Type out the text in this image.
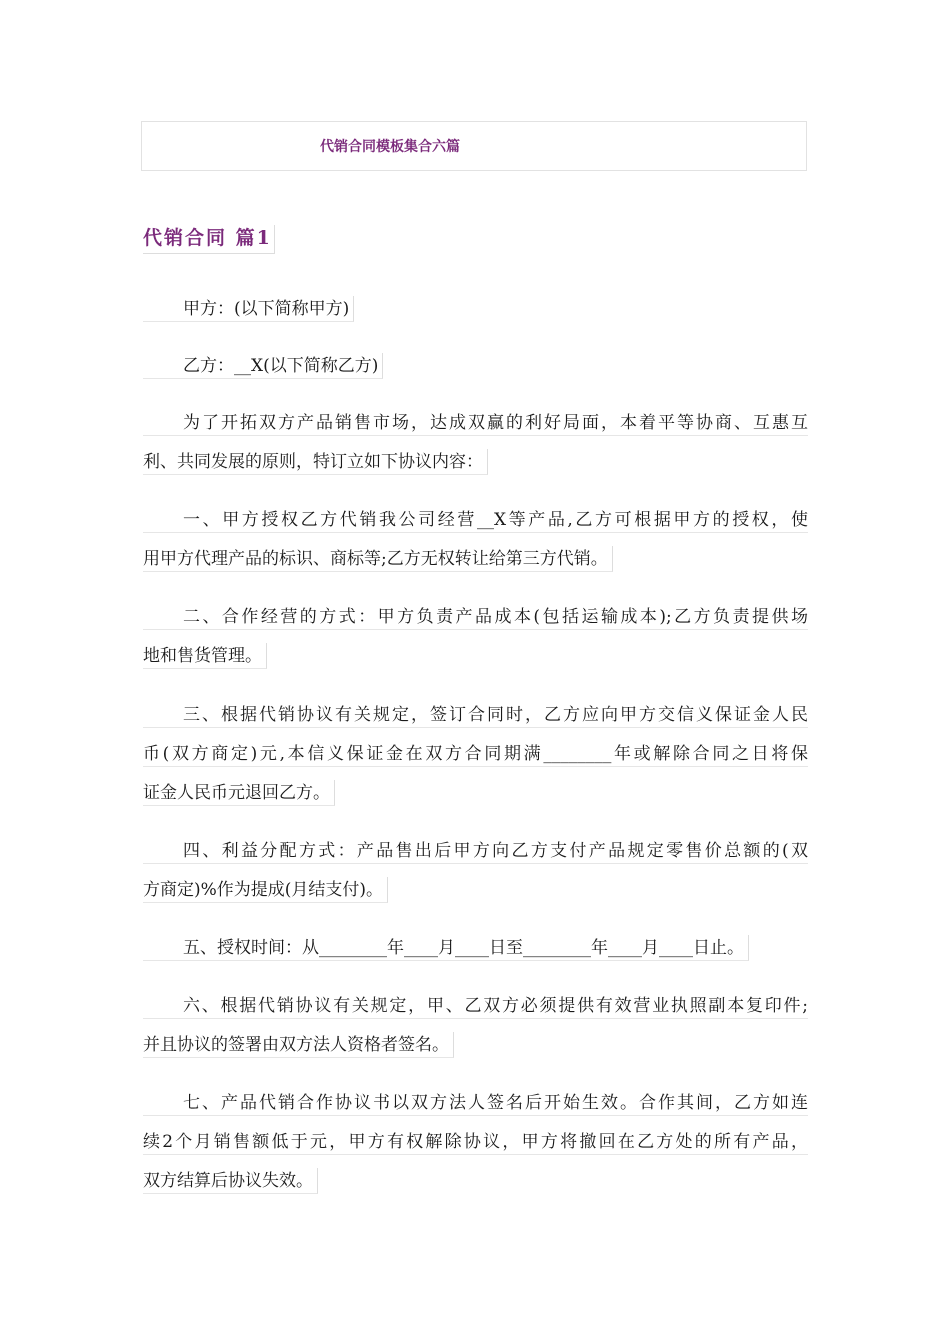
代销合同模板集合六篇
代销合同 篇1
甲方：(以下简称甲方)

乙方：__X(以下简称乙方)

为了开拓双方产品销售市场，达成双赢的利好局面，本着平等协商、互惠互
利、共同发展的原则，特订立如下协议内容：

一、甲方授权乙方代销我公司经营__X等产品,乙方可根据甲方的授权，使
用甲方代理产品的标识、商标等;乙方无权转让给第三方代销。

二、合作经营的方式：甲方负责产品成本(包括运输成本);乙方负责提供场
地和售货管理。

三、根据代销协议有关规定，签订合同时，乙方应向甲方交信义保证金人民
币(双方商定)元,本信义保证金在双方合同期满________年或解除合同之日将保
证金人民币元退回乙方。

四、利益分配方式：产品售出后甲方向乙方支付产品规定零售价总额的(双
方商定)%作为提成(月结支付)。

五、授权时间：从________年____月____日至________年____月____日止。

六、根据代销协议有关规定，甲、乙双方必须提供有效营业执照副本复印件;
并且协议的签署由双方法人资格者签名。

七、产品代销合作协议书以双方法人签名后开始生效。合作其间，乙方如连
续2个月销售额低于元，甲方有权解除协议，甲方将撤回在乙方处的所有产品，
双方结算后协议失效。
